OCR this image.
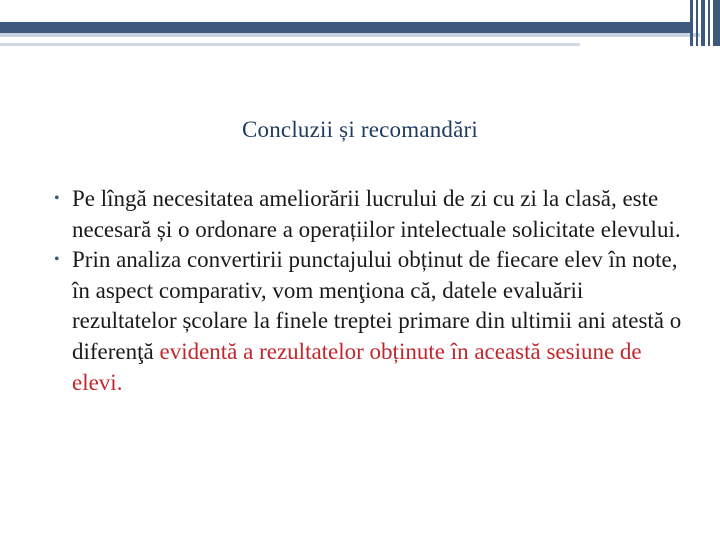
Concluzii și recomandări

• Pe lîngă necesitatea ameliorării lucrului de zi cu zi la clasă, este necesară și o ordonare a operațiilor intelectuale solicitate elevului.

• Prin analiza convertirii punctajului obținut de fiecare elev în note, în aspect comparativ, vom menţiona că, datele evaluării rezultatelor școlare la finele treptei primare din ultimii ani atestă o diferenţă evidentă a rezultatelor obținute în această sesiune de elevi.
